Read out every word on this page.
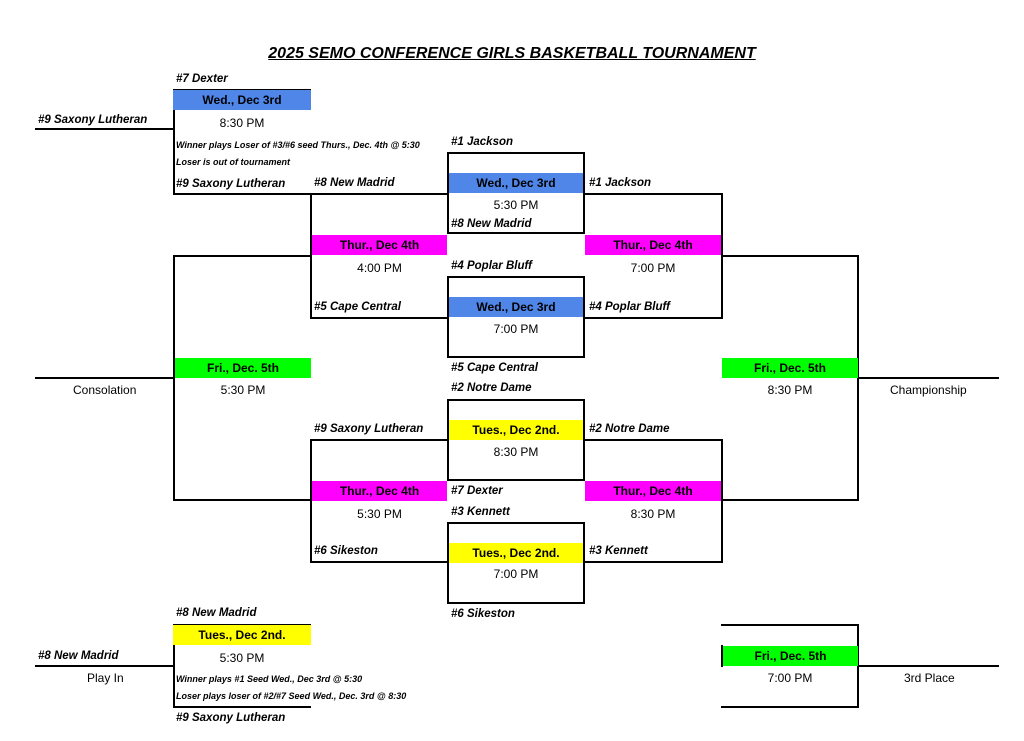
2025 SEMO CONFERENCE GIRLS BASKETBALL TOURNAMENT
#7 Dexter
#9 Saxony Lutheran
Wed., Dec 3rd
8:30 PM
Winner plays Loser of #3/#6 seed Thurs., Dec. 4th @ 5:30
Loser is out of tournament
#9 Saxony Lutheran
#1 Jackson
Wed., Dec 3rd
5:30 PM
#8 New Madrid
#4 Poplar Bluff
Wed., Dec 3rd
7:00 PM
#5 Cape Central
#2 Notre Dame
Tues., Dec 2nd.
8:30 PM
#7 Dexter
#3 Kennett
Tues., Dec 2nd.
7:00 PM
#6 Sikeston
#8 New Madrid
Thur., Dec 4th
4:00 PM
#5 Cape Central
#9 Saxony Lutheran
Thur., Dec 4th
5:30 PM
#6 Sikeston
#1 Jackson
Thur., Dec 4th
7:00 PM
#4 Poplar Bluff
#2 Notre Dame
Thur., Dec 4th
8:30 PM
#3 Kennett
Fri., Dec. 5th
5:30 PM
Consolation
Fri., Dec. 5th
8:30 PM	Championship
#8 New Madrid
Tues., Dec 2nd.
5:30 PM
#8 New Madrid
Play In	Winner plays #1 Seed Wed., Dec 3rd @ 5:30
Loser plays loser of #2/#7 Seed Wed., Dec. 3rd @ 8:30
#9 Saxony Lutheran
Fri., Dec. 5th
7:00 PM	3rd Place
